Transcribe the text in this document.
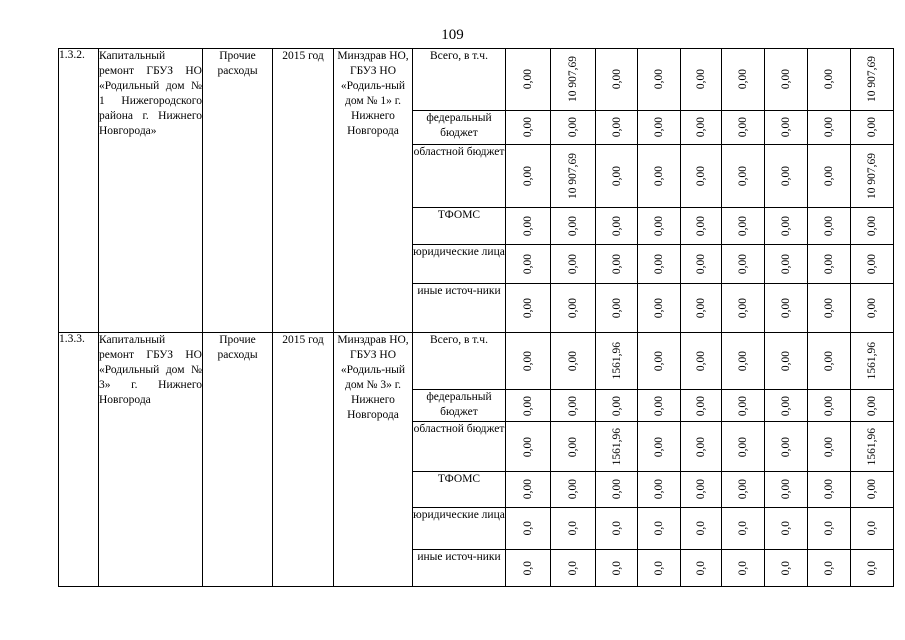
109
1.3.2.	Капитальный ремонт ГБУЗ НО «Родильный дом № 1 Нижегородского района г. Нижнего Новгорода»	Прочие расходы	2015 год	Минздрав НО, ГБУЗ НО «Родиль-ный дом № 1» г. Нижнего Новгорода	Всего, в т.ч.	0,00	10 907,69	0,00	0,00	0,00	0,00	0,00	0,00	10 907,69

					федеральный бюджет	0,00	0,00	0,00	0,00	0,00	0,00	0,00	0,00	0,00

					областной бюджет	0,00	10 907,69	0,00	0,00	0,00	0,00	0,00	0,00	10 907,69

					ТФОМС	0,00	0,00	0,00	0,00	0,00	0,00	0,00	0,00	0,00

					юридические лица	0,00	0,00	0,00	0,00	0,00	0,00	0,00	0,00	0,00

					иные источ-ники	0,00	0,00	0,00	0,00	0,00	0,00	0,00	0,00	0,00

1.3.3.	Капитальный ремонт ГБУЗ НО «Родильный дом № 3» г. Нижнего Новгорода	Прочие расходы	2015 год	Минздрав НО, ГБУЗ НО «Родиль-ный дом № 3» г. Нижнего Новгорода	Всего, в т.ч.	0,00	0,00	1561,96	0,00	0,00	0,00	0,00	0,00	1561,96

					федеральный бюджет	0,00	0,00	0,00	0,00	0,00	0,00	0,00	0,00	0,00

					областной бюджет	0,00	0,00	1561,96	0,00	0,00	0,00	0,00	0,00	1561,96

					ТФОМС	0,00	0,00	0,00	0,00	0,00	0,00	0,00	0,00	0,00

					юридические лица	0,0	0,0	0,0	0,0	0,0	0,0	0,0	0,0	0,0

					иные источ-ники	0,0	0,0	0,0	0,0	0,0	0,0	0,0	0,0	0,0
